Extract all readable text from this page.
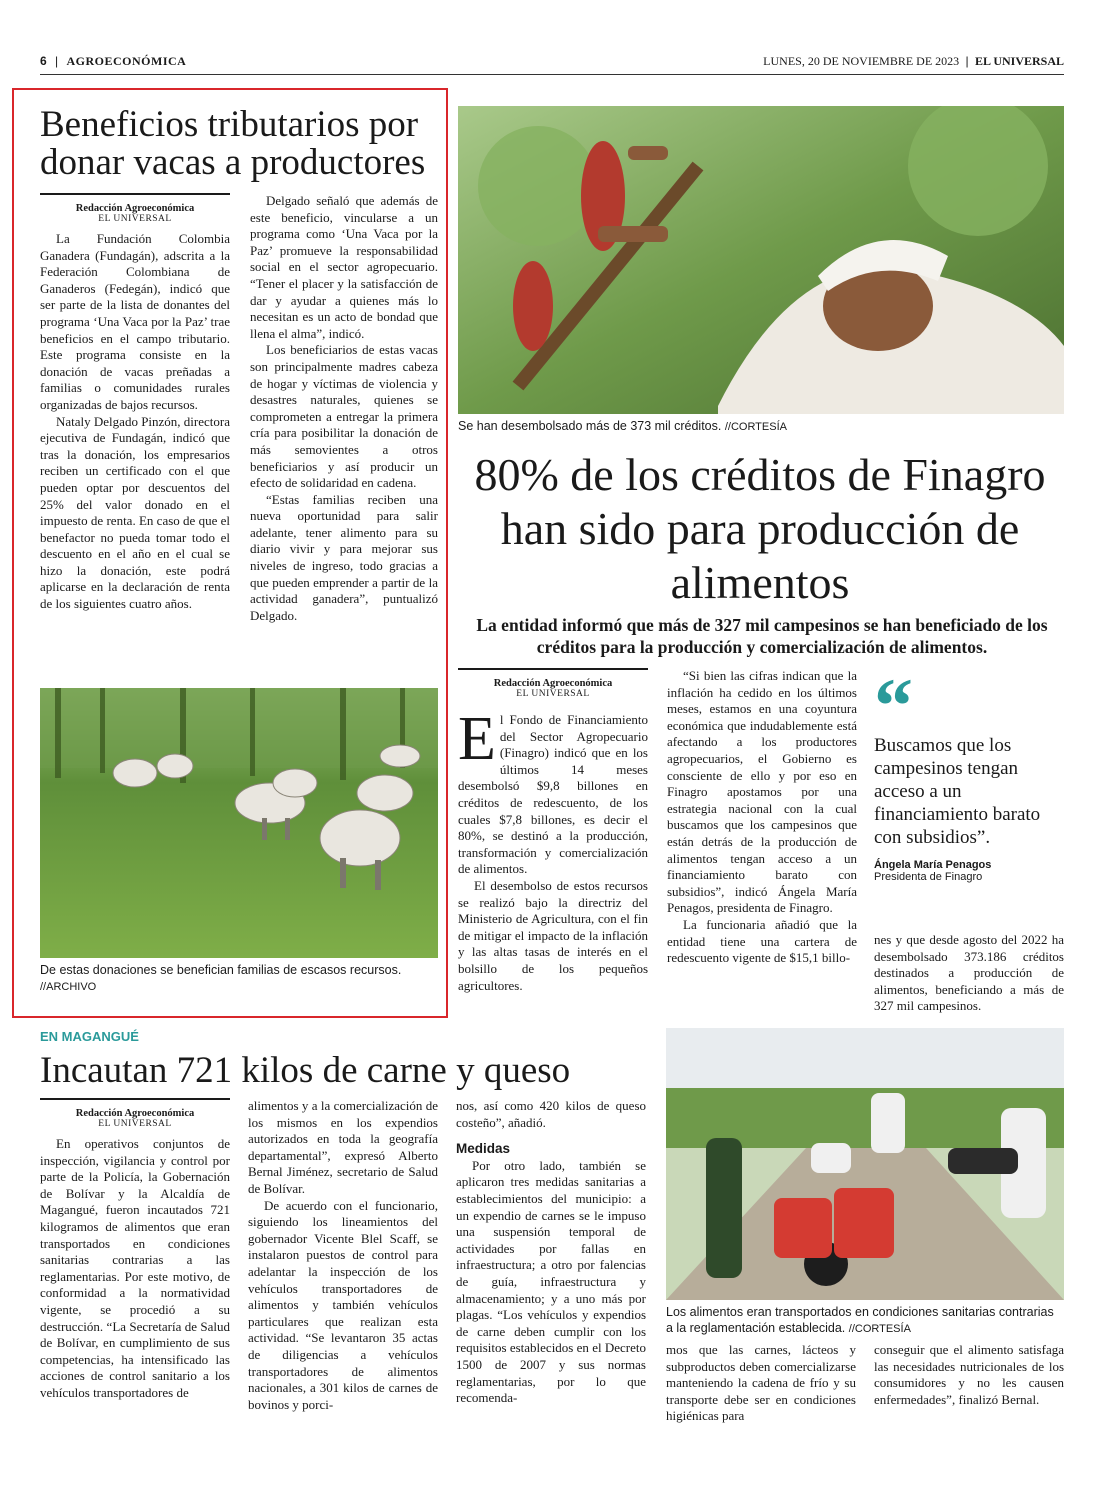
6 | AGROECONÓMICA	LUNES, 20 DE NOVIEMBRE DE 2023 | EL UNIVERSAL
Beneficios tributarios por donar vacas a productores
Redacción Agroeconómica
EL UNIVERSAL

La Fundación Colombia Ganadera (Fundagán), adscrita a la Federación Colombiana de Ganaderos (Fedegán), indicó que ser parte de la lista de donantes del programa ‘Una Vaca por la Paz’ trae beneficios en el campo tributario. Este programa consiste en la donación de vacas preñadas a familias o comunidades rurales organizadas de bajos recursos.

Nataly Delgado Pinzón, directora ejecutiva de Fundagán, indicó que tras la donación, los empresarios reciben un certificado con el que pueden optar por descuentos del 25% del valor donado en el impuesto de renta. En caso de que el benefactor no pueda tomar todo el descuento en el año en el cual se hizo la donación, este podrá aplicarse en la declaración de renta de los siguientes cuatro años.

Delgado señaló que además de este beneficio, vincularse a un programa como ‘Una Vaca por la Paz’ promueve la responsabilidad social en el sector agropecuario. “Tener el placer y la satisfacción de dar y ayudar a quienes más lo necesitan es un acto de bondad que llena el alma”, indicó.

Los beneficiarios de estas vacas son principalmente madres cabeza de hogar y víctimas de violencia y desastres naturales, quienes se comprometen a entregar la primera cría para posibilitar la donación de más semovientes a otros beneficiarios y así producir un efecto de solidaridad en cadena.

“Estas familias reciben una nueva oportunidad para salir adelante, tener alimento para su diario vivir y para mejorar sus niveles de ingreso, todo gracias a que pueden emprender a partir de la actividad ganadera”, puntualizó Delgado.

De estas donaciones se benefician familias de escasos recursos.
//ARCHIVO
Se han desembolsado más de 373 mil créditos. //CORTESÍA
80% de los créditos de Finagro han sido para producción de alimentos
La entidad informó que más de 327 mil campesinos se han beneficiado de los créditos para la producción y comercialización de alimentos.
Redacción Agroeconómica
EL UNIVERSAL

El Fondo de Financiamiento del Sector Agropecuario (Finagro) indicó que en los últimos 14 meses desembolsó $9,8 billones en créditos de redescuento, de los cuales $7,8 billones, es decir el 80%, se destinó a la producción, transformación y comercialización de alimentos.

El desembolso de estos recursos se realizó bajo la directriz del Ministerio de Agricultura, con el fin de mitigar el impacto de la inflación y las altas tasas de interés en el bolsillo de los pequeños agricultores.

“Si bien las cifras indican que la inflación ha cedido en los últimos meses, estamos en una coyuntura económica que indudablemente está afectando a los productores agropecuarios, el Gobierno es consciente de ello y por eso en Finagro apostamos por una estrategia nacional con la cual buscamos que los campesinos que están detrás de la producción de alimentos tengan acceso a un financiamiento barato con subsidios”, indicó Ángela María Penagos, presidenta de Finagro.

La funcionaria añadió que la entidad tiene una cartera de redescuento vigente de $15,1 billo-

“
Buscamos que los campesinos tengan acceso a un financiamiento barato con subsidios”.
Ángela María Penagos
Presidenta de Finagro

nes y que desde agosto del 2022 ha desembolsado 373.186 créditos destinados a producción de alimentos, beneficiando a más de 327 mil campesinos.

EN MAGANGUÉ
Incautan 721 kilos de carne y queso
Redacción Agroeconómica
EL UNIVERSAL

En operativos conjuntos de inspección, vigilancia y control por parte de la Policía, la Gobernación de Bolívar y la Alcaldía de Magangué, fueron incautados 721 kilogramos de alimentos que eran transportados en condiciones sanitarias contrarias a las reglamentarias. Por este motivo, de conformidad a la normatividad vigente, se procedió a su destrucción. “La Secretaría de Salud de Bolívar, en cumplimiento de sus competencias, ha intensificado las acciones de control sanitario a los vehículos transportadores de

alimentos y a la comercialización de los mismos en los expendios autorizados en toda la geografía departamental”, expresó Alberto Bernal Jiménez, secretario de Salud de Bolívar.

De acuerdo con el funcionario, siguiendo los lineamientos del gobernador Vicente Blel Scaff, se instalaron puestos de control para adelantar la inspección de los vehículos transportadores de alimentos y también vehículos particulares que realizan esta actividad. “Se levantaron 35 actas de diligencias a vehículos transportadores de alimentos nacionales, a 301 kilos de carnes de bovinos y porci-

nos, así como 420 kilos de queso costeño”, añadió.

Medidas

Por otro lado, también se aplicaron tres medidas sanitarias a establecimientos del municipio: a un expendio de carnes se le impuso una suspensión temporal de actividades por fallas en infraestructura; a otro por falencias de guía, infraestructura y almacenamiento; y a uno más por plagas. “Los vehículos y expendios de carne deben cumplir con los requisitos establecidos en el Decreto 1500 de 2007 y sus normas reglamentarias, por lo que recomenda-

Los alimentos eran transportados en condiciones sanitarias contrarias a la reglamentación establecida. //CORTESÍA

mos que las carnes, lácteos y subproductos deben comercializarse manteniendo la cadena de frío y su transporte debe ser en condiciones higiénicas para

conseguir que el alimento satisfaga las necesidades nutricionales de los consumidores y no les causen enfermedades”, finalizó Bernal.
